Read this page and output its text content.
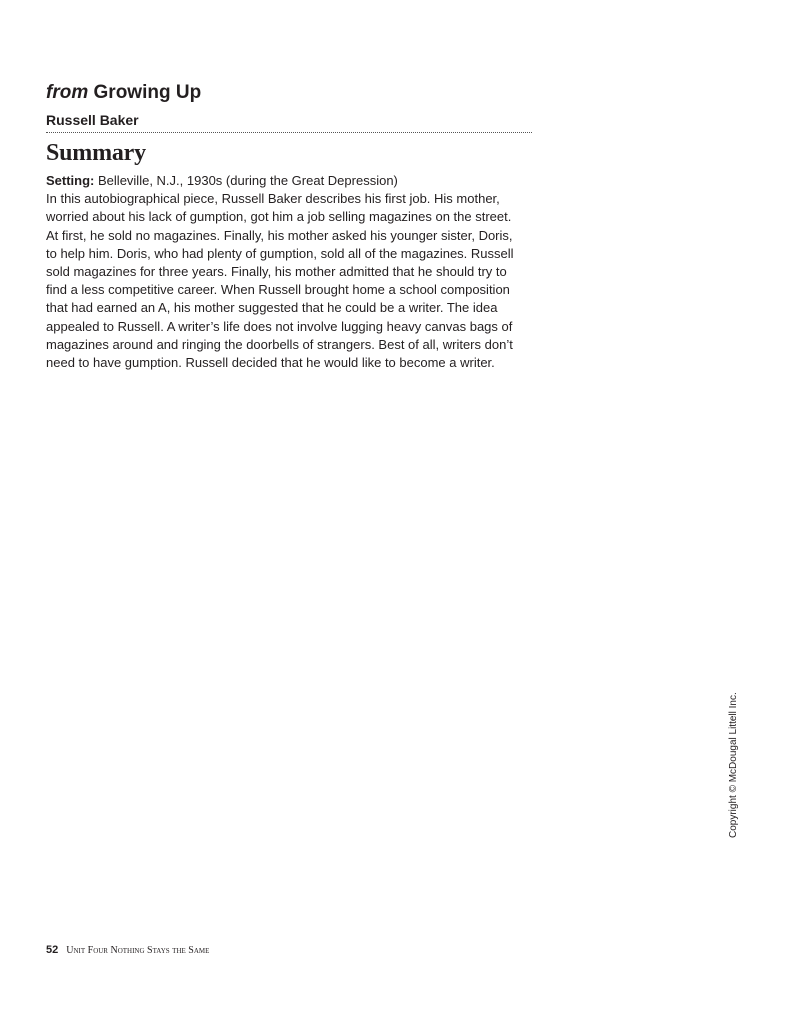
from Growing Up
Russell Baker
Summary

Setting: Belleville, N.J., 1930s (during the Great Depression)

In this autobiographical piece, Russell Baker describes his first job. His mother, worried about his lack of gumption, got him a job selling magazines on the street. At first, he sold no magazines. Finally, his mother asked his younger sister, Doris, to help him. Doris, who had plenty of gumption, sold all of the magazines. Russell sold magazines for three years. Finally, his mother admitted that he should try to find a less competitive career. When Russell brought home a school composition that had earned an A, his mother suggested that he could be a writer. The idea appealed to Russell. A writer’s life does not involve lugging heavy canvas bags of magazines around and ringing the doorbells of strangers. Best of all, writers don’t need to have gumption. Russell decided that he would like to become a writer.

Copyright © McDougal Littell Inc.
52 Unit Four Nothing Stays the Same
